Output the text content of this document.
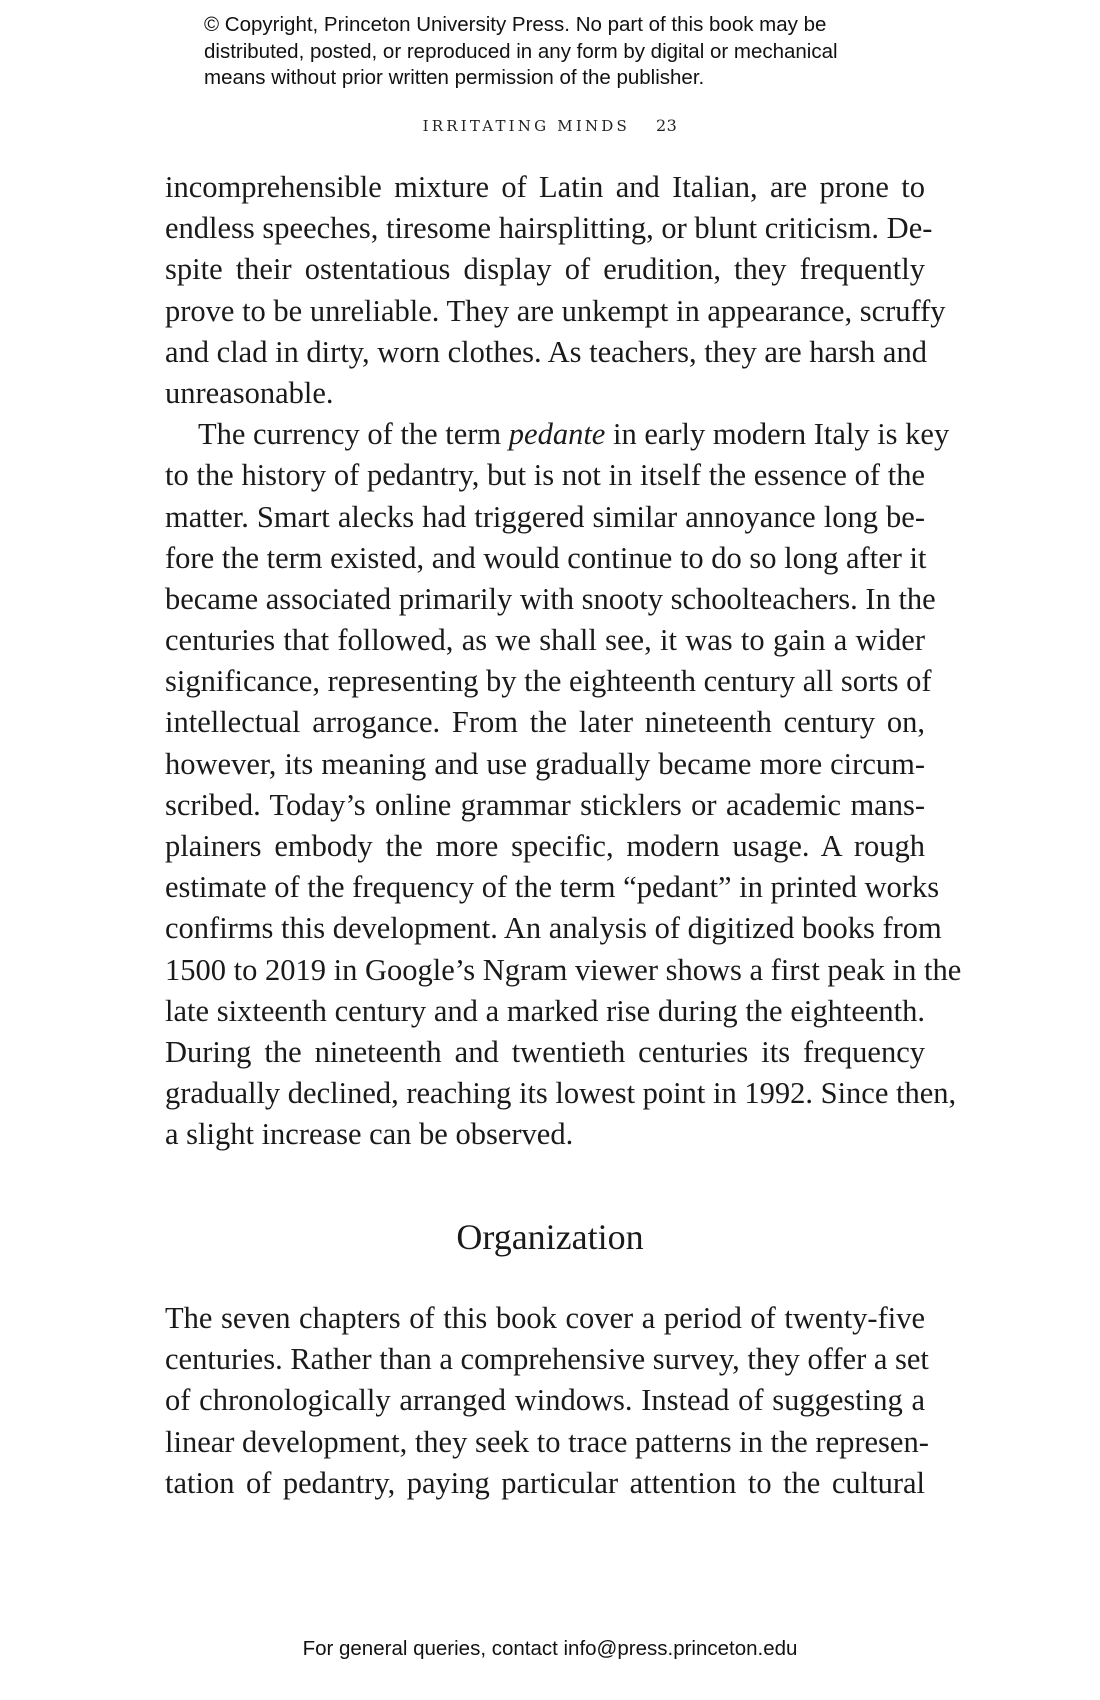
© Copyright, Princeton University Press. No part of this book may be
distributed, posted, or reproduced in any form by digital or mechanical
means without prior written permission of the publisher.
IRRITATING MINDS 23
incomprehensible mixture of Latin and Italian, are prone to
endless speeches, tiresome hairsplitting, or blunt criticism. De-
spite their ostentatious display of erudition, they frequently
prove to be unreliable. They are unkempt in appearance, scruffy
and clad in dirty, worn clothes. As teachers, they are harsh and
unreasonable.
The currency of the term pedante in early modern Italy is key
to the history of pedantry, but is not in itself the essence of the
matter. Smart alecks had triggered similar annoyance long be-
fore the term existed, and would continue to do so long after it
became associated primarily with snooty schoolteachers. In the
centuries that followed, as we shall see, it was to gain a wider
significance, representing by the eighteenth century all sorts of
intellectual arrogance. From the later nineteenth century on,
however, its meaning and use gradually became more circum-
scribed. Today’s online grammar sticklers or academic mans-
plainers embody the more specific, modern usage. A rough
estimate of the frequency of the term “pedant” in printed works
confirms this development. An analysis of digitized books from
1500 to 2019 in Google’s Ngram viewer shows a first peak in the
late sixteenth century and a marked rise during the eighteenth.
During the nineteenth and twentieth centuries its frequency
gradually declined, reaching its lowest point in 1992. Since then,
a slight increase can be observed.
Organization
The seven chapters of this book cover a period of twenty-five
centuries. Rather than a comprehensive survey, they offer a set
of chronologically arranged windows. Instead of suggesting a
linear development, they seek to trace patterns in the represen-
tation of pedantry, paying particular attention to the cultural
For general queries, contact info@press.princeton.edu
